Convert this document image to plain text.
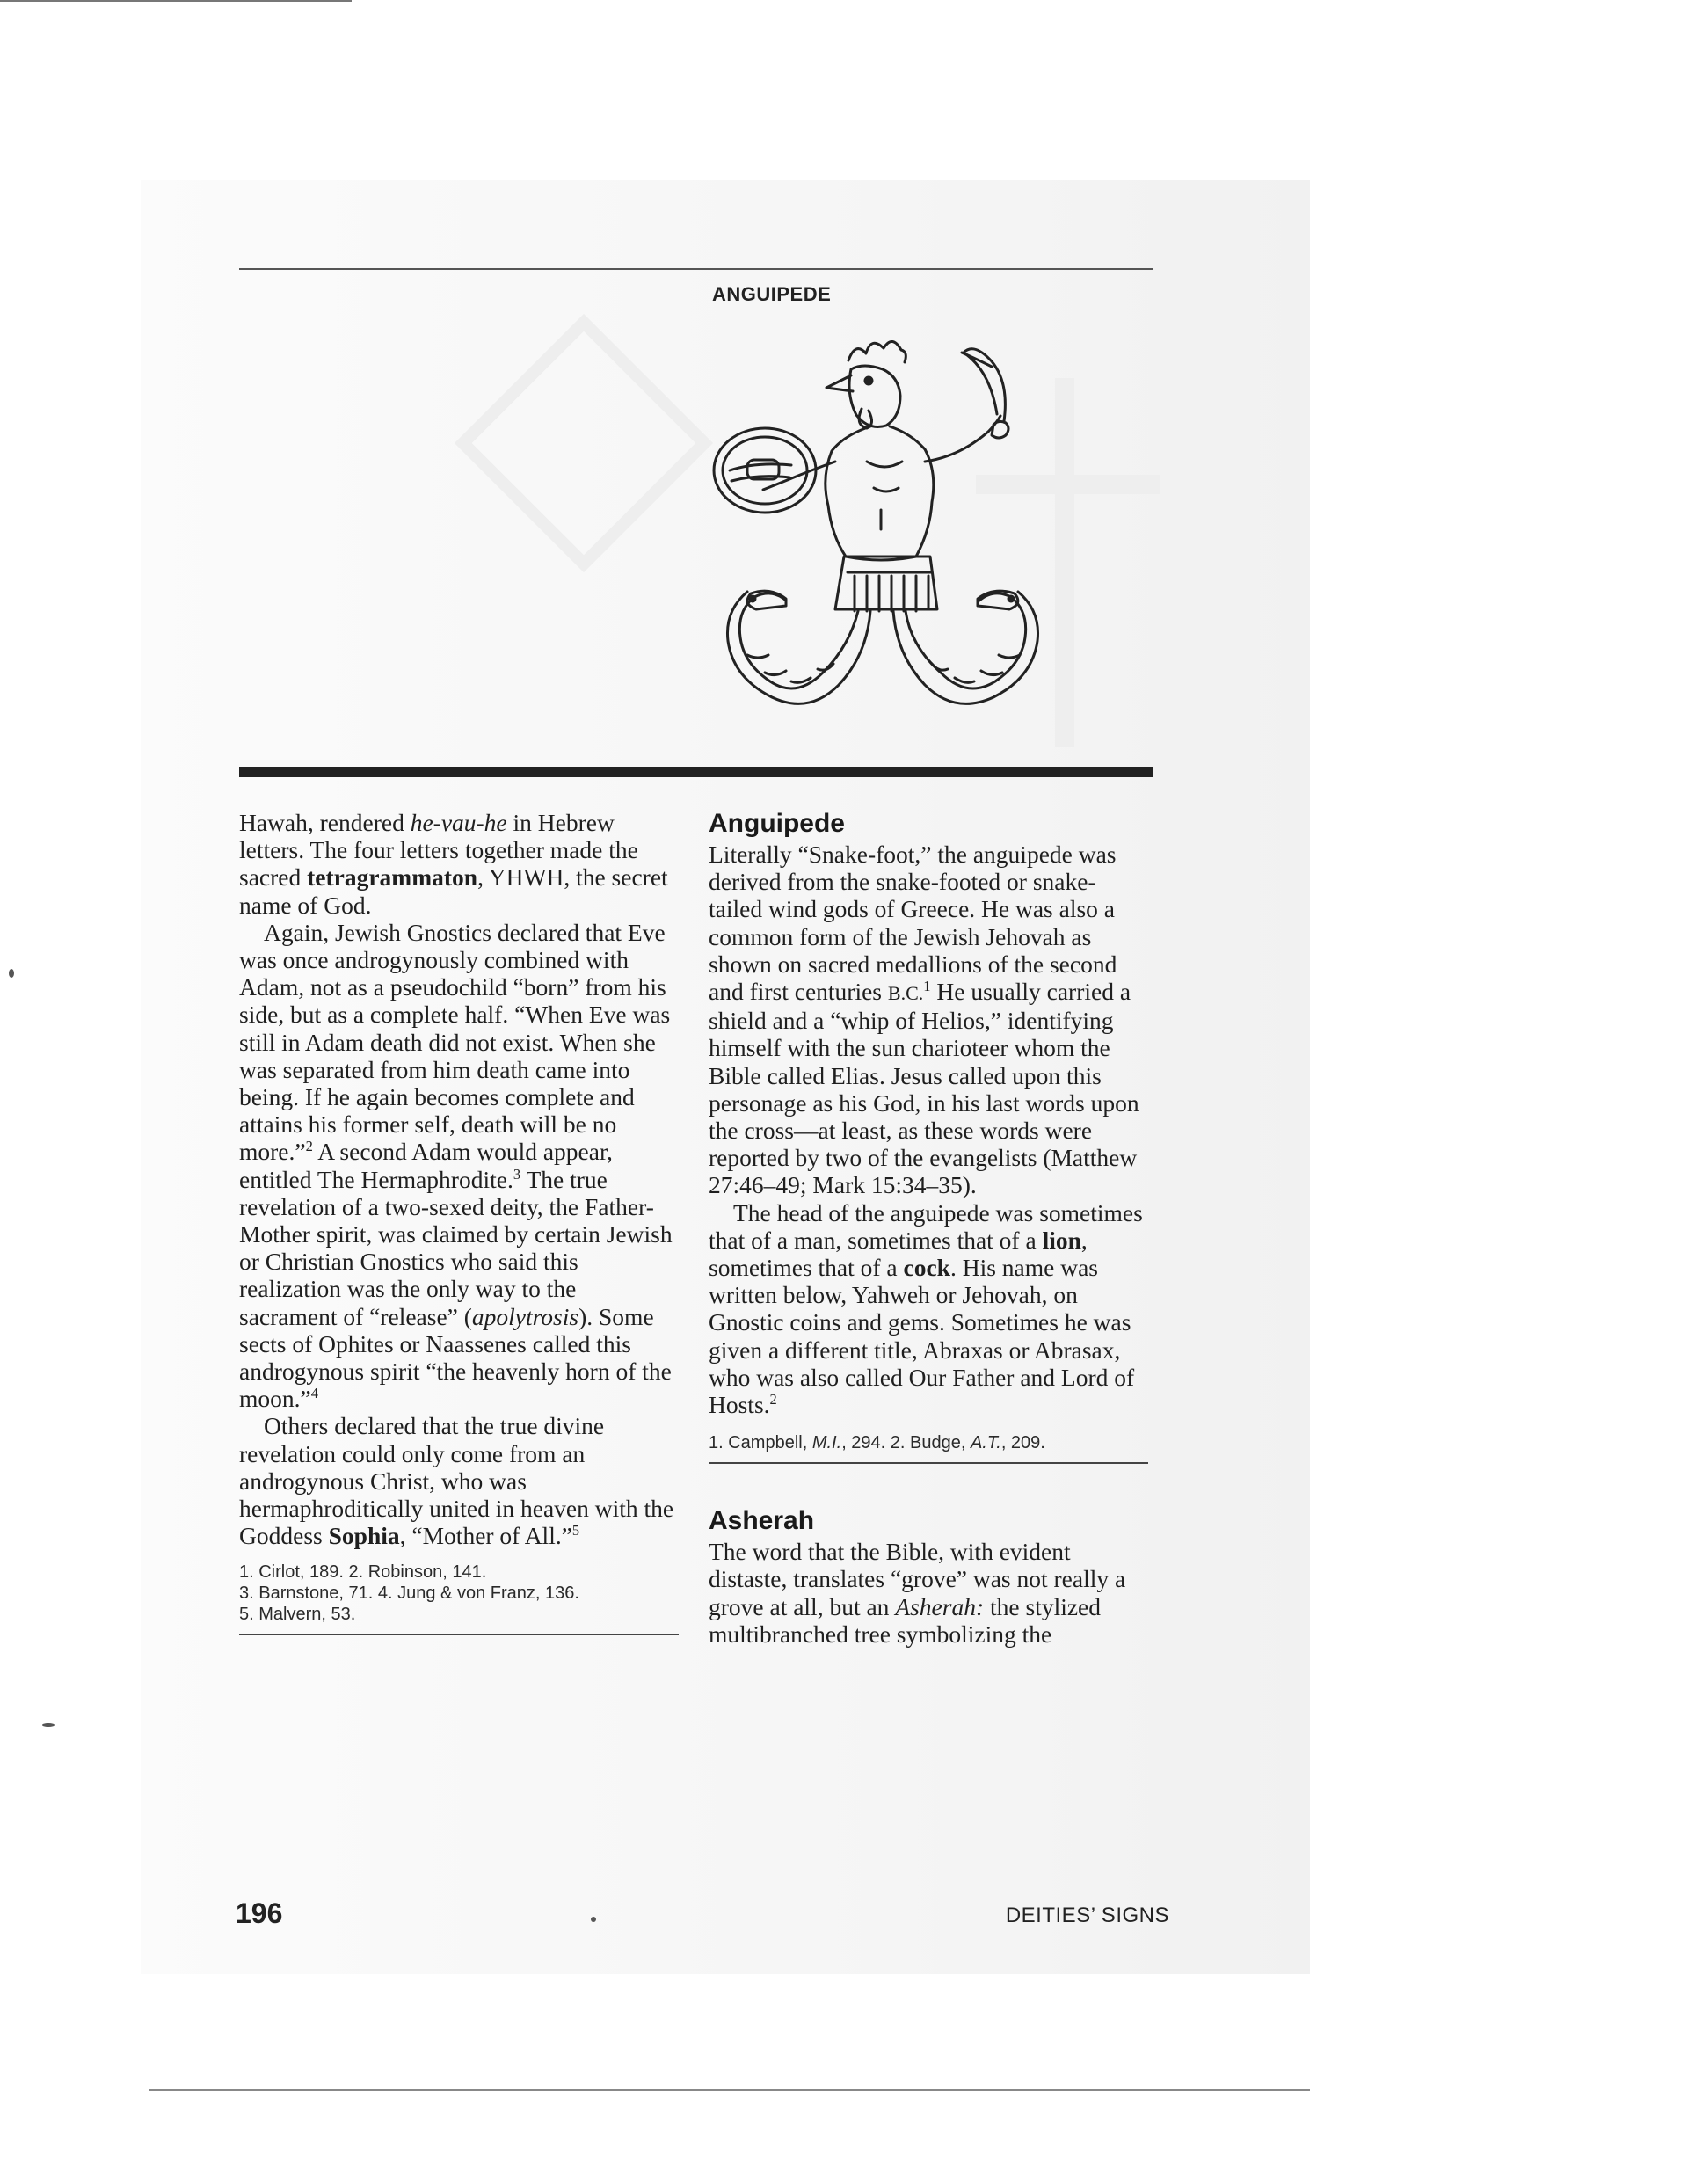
ANGUIPEDE

Hawah, rendered he-vau-he in Hebrew letters. The four letters together made the sacred tetragrammaton, YHWH, the secret name of God.

Again, Jewish Gnostics declared that Eve was once androgynously combined with Adam, not as a pseudochild “born” from his side, but as a complete half. “When Eve was still in Adam death did not exist. When she was separated from him death came into being. If he again becomes complete and attains his former self, death will be no more.”$^2$ A second Adam would appear, entitled The Hermaphrodite.$^3$ The true revelation of a two-sexed deity, the Father-Mother spirit, was claimed by certain Jewish or Christian Gnostics who said this realization was the only way to the sacrament of “release” (apolytrosis). Some sects of Ophites or Naassenes called this androgynous spirit “the heavenly horn of the moon.”$^4$

Others declared that the true divine revelation could only come from an androgynous Christ, who was hermaphroditically united in heaven with the Goddess Sophia, “Mother of All.”$^5$

1. Cirlot, 189. 2. Robinson, 141.
3. Barnstone, 71. 4. Jung & von Franz, 136.
5. Malvern, 53.
Anguipede

Literally “Snake-foot,” the anguipede was derived from the snake-footed or snake-tailed wind gods of Greece. He was also a common form of the Jewish Jehovah as shown on sacred medallions of the second and first centuries B.C.$^1$ He usually carried a shield and a “whip of Helios,” identifying himself with the sun charioteer whom the Bible called Elias. Jesus called upon this personage as his God, in his last words upon the cross—at least, as these words were reported by two of the evangelists (Matthew 27:46–49; Mark 15:34–35).

The head of the anguipede was sometimes that of a man, sometimes that of a lion, sometimes that of a cock. His name was written below, Yahweh or Jehovah, on Gnostic coins and gems. Sometimes he was given a different title, Abraxas or Abrasax, who was also called Our Father and Lord of Hosts.$^2$

1. Campbell, M.I., 294. 2. Budge, A.T., 209.

Asherah

The word that the Bible, with evident distaste, translates “grove” was not really a grove at all, but an Asherah: the stylized multibranched tree symbolizing the

196	DEITIES’ SIGNS
